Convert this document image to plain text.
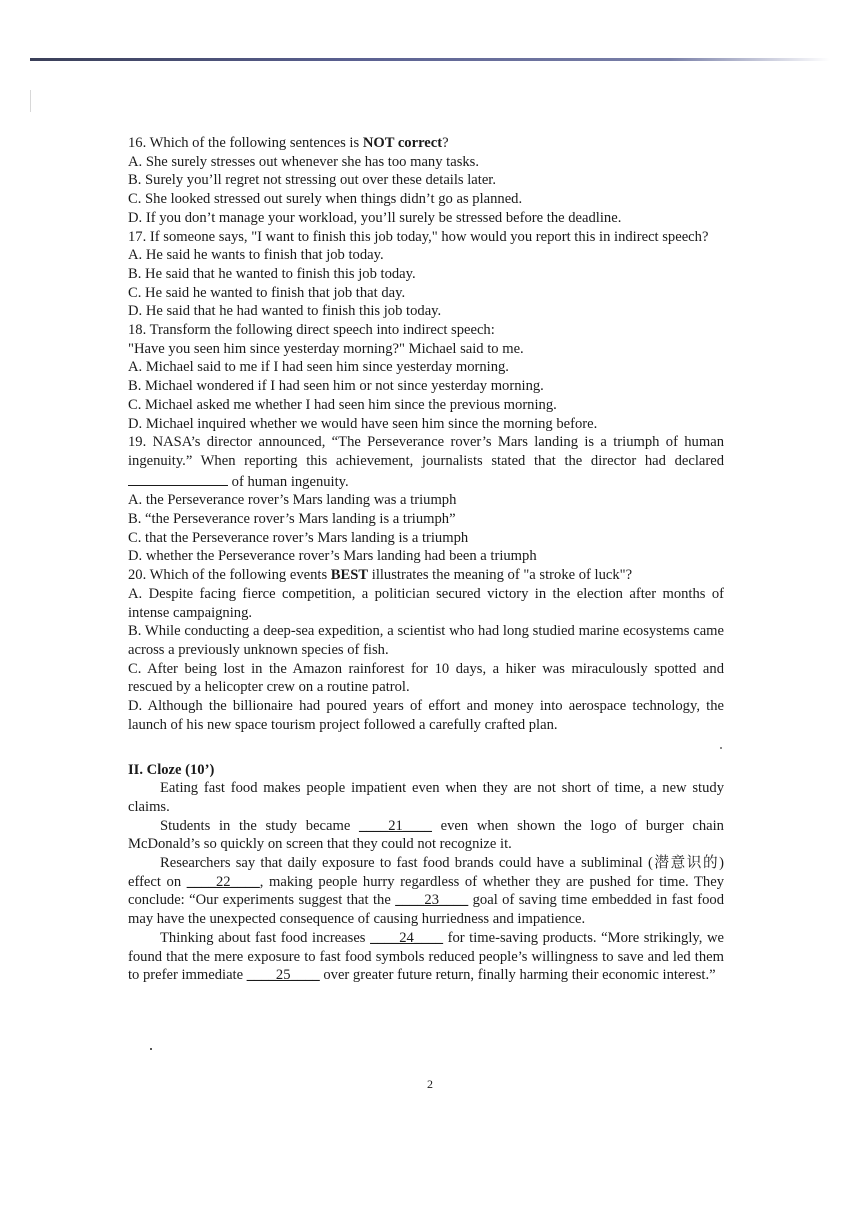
16. Which of the following sentences is NOT correct?

A. She surely stresses out whenever she has too many tasks.

B. Surely you’ll regret not stressing out over these details later.

C. She looked stressed out surely when things didn’t go as planned.

D. If you don’t manage your workload, you’ll surely be stressed before the deadline.

17. If someone says, "I want to finish this job today," how would you report this in indirect speech?

A. He said he wants to finish that job today.

B. He said that he wanted to finish this job today.

C. He said he wanted to finish that job that day.

D. He said that he had wanted to finish this job today.

18. Transform the following direct speech into indirect speech:

"Have you seen him since yesterday morning?" Michael said to me.

A. Michael said to me if I had seen him since yesterday morning.

B. Michael wondered if I had seen him or not since yesterday morning.

C. Michael asked me whether I had seen him since the previous morning.

D. Michael inquired whether we would have seen him since the morning before.

19. NASA’s director announced, “The Perseverance rover’s Mars landing is a triumph of human ingenuity.” When reporting this achievement, journalists stated that the director had declared  of human ingenuity.

A. the Perseverance rover’s Mars landing was a triumph

B. “the Perseverance rover’s Mars landing is a triumph”

C. that the Perseverance rover’s Mars landing is a triumph

D. whether the Perseverance rover’s Mars landing had been a triumph

20. Which of the following events BEST illustrates the meaning of "a stroke of luck"?

A. Despite facing fierce competition, a politician secured victory in the election after months of intense campaigning.

B. While conducting a deep-sea expedition, a scientist who had long studied marine ecosystems came across a previously unknown species of fish.

C. After being lost in the Amazon rainforest for 10 days, a hiker was miraculously spotted and rescued by a helicopter crew on a routine patrol.

D. Although the billionaire had poured years of effort and money into aerospace technology, the launch of his new space tourism project followed a carefully crafted plan.

II. Cloze (10’)

Eating fast food makes people impatient even when they are not short of time, a new study claims.

Students in the study became ____21____ even when shown the logo of burger chain McDonald’s so quickly on screen that they could not recognize it.

Researchers say that daily exposure to fast food brands could have a subliminal (潜意识的) effect on ____22____, making people hurry regardless of whether they are pushed for time. They conclude: “Our experiments suggest that the ____23____ goal of saving time embedded in fast food may have the unexpected consequence of causing hurriedness and impatience.

Thinking about fast food increases ____24____ for time-saving products. “More strikingly, we found that the mere exposure to fast food symbols reduced people’s willingness to save and led them to prefer immediate ____25____ over greater future return, finally harming their economic interest.”

2
